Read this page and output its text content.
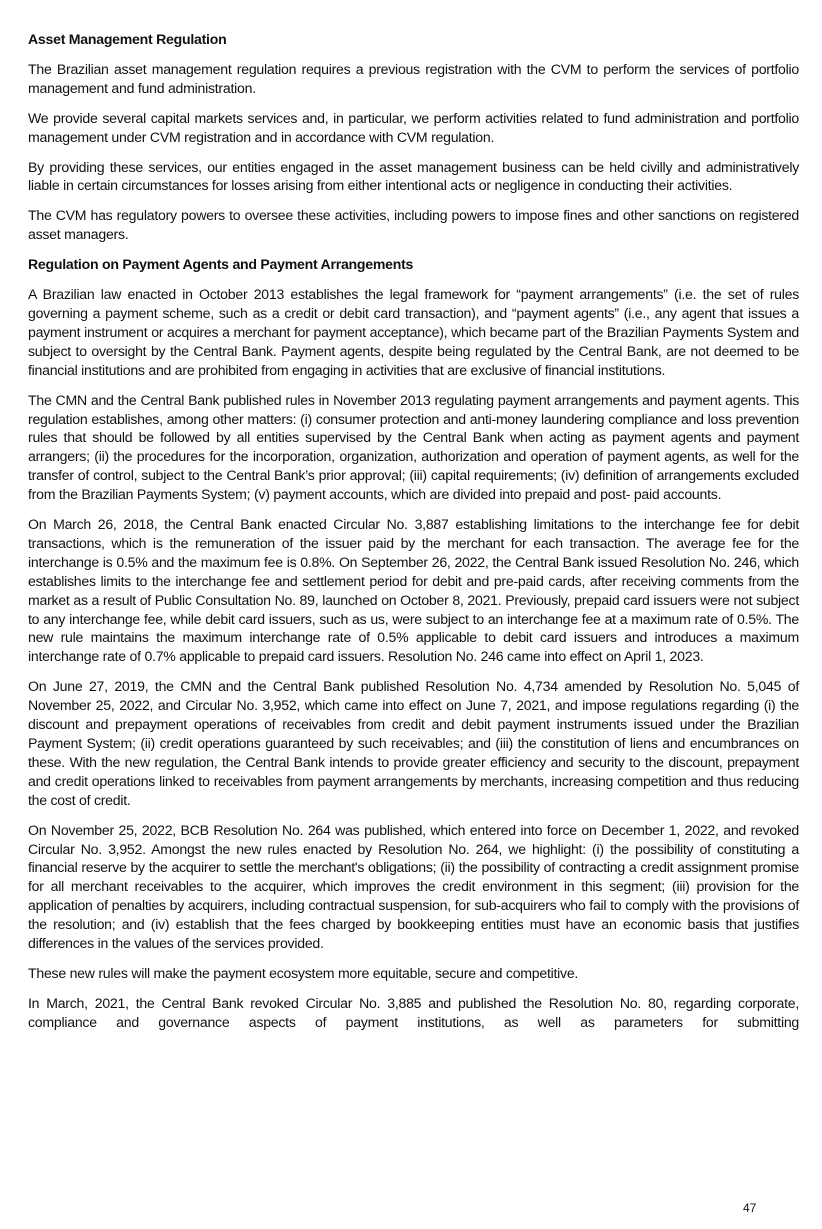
Asset Management Regulation
The Brazilian asset management regulation requires a previous registration with the CVM to perform the services of portfolio management and fund administration.
We provide several capital markets services and, in particular, we perform activities related to fund administration and portfolio management under CVM registration and in accordance with CVM regulation.
By providing these services, our entities engaged in the asset management business can be held civilly and administratively liable in certain circumstances for losses arising from either intentional acts or negligence in conducting their activities.
The CVM has regulatory powers to oversee these activities, including powers to impose fines and other sanctions on registered asset managers.
Regulation on Payment Agents and Payment Arrangements
A Brazilian law enacted in October 2013 establishes the legal framework for “payment arrangements” (i.e. the set of rules governing a payment scheme, such as a credit or debit card transaction), and “payment agents” (i.e., any agent that issues a payment instrument or acquires a merchant for payment acceptance), which became part of the Brazilian Payments System and subject to oversight by the Central Bank. Payment agents, despite being regulated by the Central Bank, are not deemed to be financial institutions and are prohibited from engaging in activities that are exclusive of financial institutions.
The CMN and the Central Bank published rules in November 2013 regulating payment arrangements and payment agents. This regulation establishes, among other matters: (i) consumer protection and anti-money laundering compliance and loss prevention rules that should be followed by all entities supervised by the Central Bank when acting as payment agents and payment arrangers; (ii) the procedures for the incorporation, organization, authorization and operation of payment agents, as well for the transfer of control, subject to the Central Bank’s prior approval; (iii) capital requirements; (iv) definition of arrangements excluded from the Brazilian Payments System; (v) payment accounts, which are divided into prepaid and post- paid accounts.
On March 26, 2018, the Central Bank enacted Circular No. 3,887 establishing limitations to the interchange fee for debit transactions, which is the remuneration of the issuer paid by the merchant for each transaction. The average fee for the interchange is 0.5% and the maximum fee is 0.8%. On September 26, 2022, the Central Bank issued Resolution No. 246, which establishes limits to the interchange fee and settlement period for debit and pre-paid cards, after receiving comments from the market as a result of Public Consultation No. 89, launched on October 8, 2021. Previously, prepaid card issuers were not subject to any interchange fee, while debit card issuers, such as us, were subject to an interchange fee at a maximum rate of 0.5%. The new rule maintains the maximum interchange rate of 0.5% applicable to debit card issuers and introduces a maximum interchange rate of 0.7% applicable to prepaid card issuers. Resolution No. 246 came into effect on April 1, 2023.
On June 27, 2019, the CMN and the Central Bank published Resolution No. 4,734 amended by Resolution No. 5,045 of November 25, 2022, and Circular No. 3,952, which came into effect on June 7, 2021, and impose regulations regarding (i) the discount and prepayment operations of receivables from credit and debit payment instruments issued under the Brazilian Payment System; (ii) credit operations guaranteed by such receivables; and (iii) the constitution of liens and encumbrances on these. With the new regulation, the Central Bank intends to provide greater efficiency and security to the discount, prepayment and credit operations linked to receivables from payment arrangements by merchants, increasing competition and thus reducing the cost of credit.
On November 25, 2022, BCB Resolution No. 264 was published, which entered into force on December 1, 2022, and revoked Circular No. 3,952. Amongst the new rules enacted by Resolution No. 264, we highlight: (i) the possibility of constituting a financial reserve by the acquirer to settle the merchant's obligations; (ii) the possibility of contracting a credit assignment promise for all merchant receivables to the acquirer, which improves the credit environment in this segment; (iii) provision for the application of penalties by acquirers, including contractual suspension, for sub-acquirers who fail to comply with the provisions of the resolution; and (iv) establish that the fees charged by bookkeeping entities must have an economic basis that justifies differences in the values of the services provided.
These new rules will make the payment ecosystem more equitable, secure and competitive.
In March, 2021, the Central Bank revoked Circular No. 3,885 and published the Resolution No. 80, regarding corporate, compliance and governance aspects of payment institutions, as well as parameters for submitting
47
